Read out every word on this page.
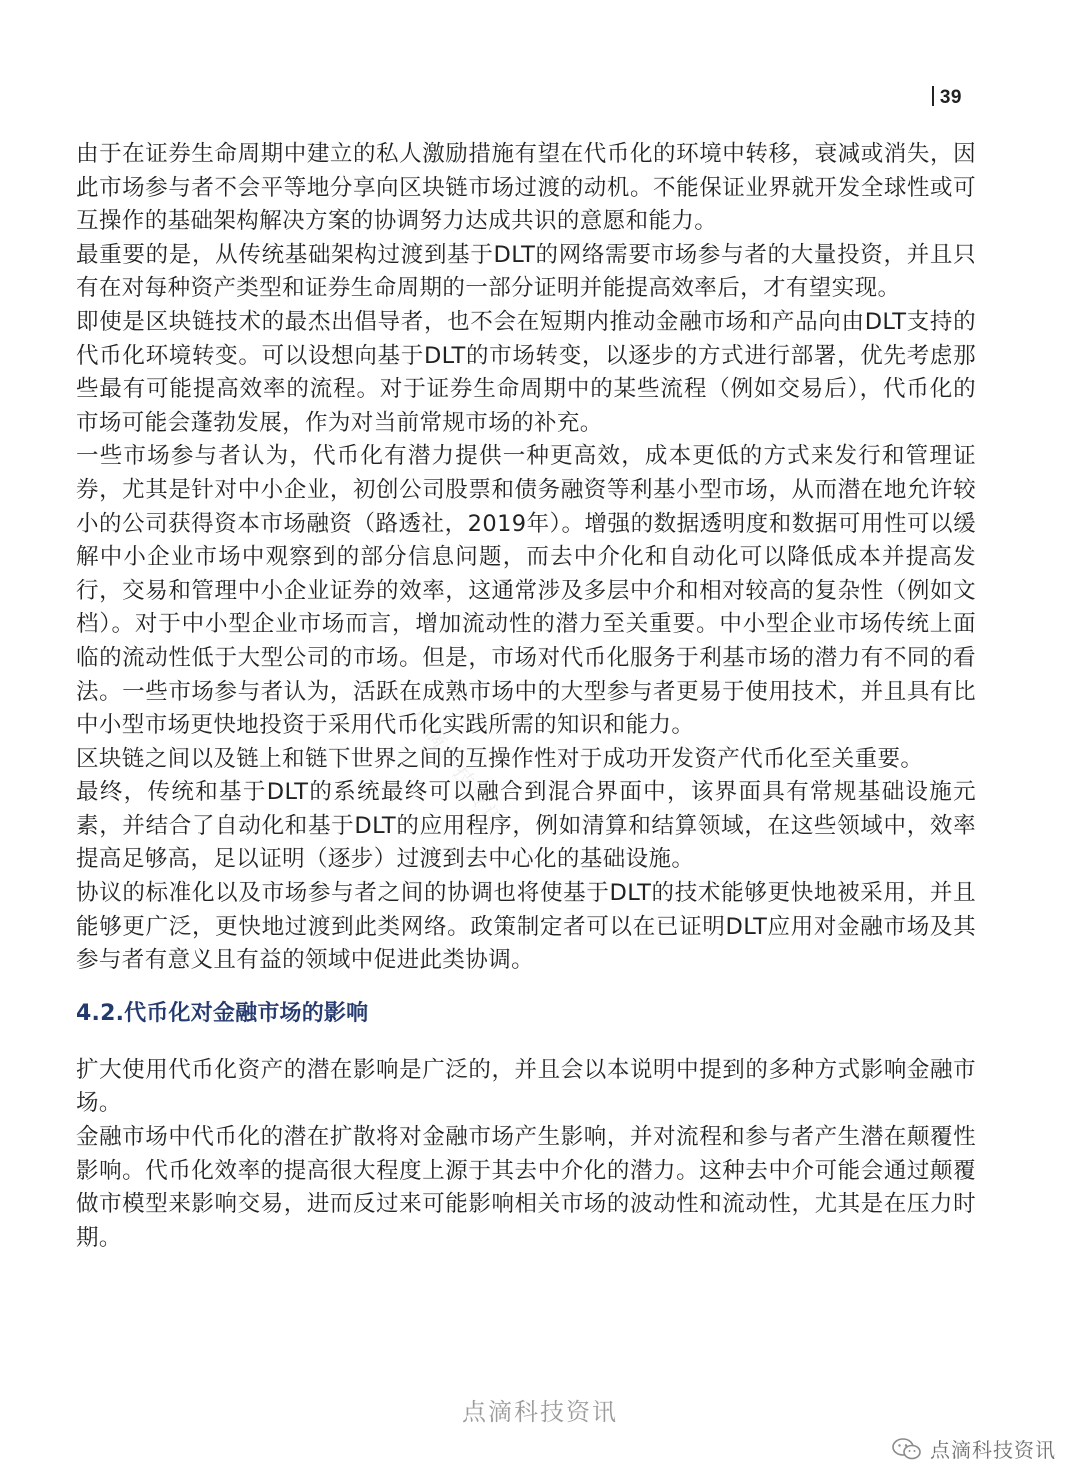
39
点滴科技资讯

由于在证券生命周期中建立的私人激励措施有望在代币化的环境中转移，衰减或消失，因此市场参与者不会平等地分享向区块链市场过渡的动机。不能保证业界就开发全球性或可互操作的基础架构解决方案的协调努力达成共识的意愿和能力。

最重要的是，从传统基础架构过渡到基于DLT的网络需要市场参与者的大量投资，并且只有在对每种资产类型和证券生命周期的一部分证明并能提高效率后，才有望实现。

即使是区块链技术的最杰出倡导者，也不会在短期内推动金融市场和产品向由DLT支持的代币化环境转变。可以设想向基于DLT的市场转变，以逐步的方式进行部署，优先考虑那些最有可能提高效率的流程。对于证券生命周期中的某些流程（例如交易后），代币化的市场可能会蓬勃发展，作为对当前常规市场的补充。

一些市场参与者认为，代币化有潜力提供一种更高效，成本更低的方式来发行和管理证券，尤其是针对中小企业，初创公司股票和债务融资等利基小型市场，从而潜在地允许较小的公司获得资本市场融资（路透社，2019年）。增强的数据透明度和数据可用性可以缓解中小企业市场中观察到的部分信息问题，而去中介化和自动化可以降低成本并提高发行，交易和管理中小企业证券的效率，这通常涉及多层中介和相对较高的复杂性（例如文档）。对于中小型企业市场而言，增加流动性的潜力至关重要。中小型企业市场传统上面临的流动性低于大型公司的市场。但是，市场对代币化服务于利基市场的潜力有不同的看法。一些市场参与者认为，活跃在成熟市场中的大型参与者更易于使用技术，并且具有比中小型市场更快地投资于采用代币化实践所需的知识和能力。

区块链之间以及链上和链下世界之间的互操作性对于成功开发资产代币化至关重要。

最终，传统和基于DLT的系统最终可以融合到混合界面中，该界面具有常规基础设施元素，并结合了自动化和基于DLT的应用程序，例如清算和结算领域，在这些领域中，效率提高足够高，足以证明（逐步）过渡到去中心化的基础设施。

协议的标准化以及市场参与者之间的协调也将使基于DLT的技术能够更快地被采用，并且能够更广泛，更快地过渡到此类网络。政策制定者可以在已证明DLT应用对金融市场及其参与者有意义且有益的领域中促进此类协调。

4.2.代币化对金融市场的影响

扩大使用代币化资产的潜在影响是广泛的，并且会以本说明中提到的多种方式影响金融市场。

金融市场中代币化的潜在扩散将对金融市场产生影响，并对流程和参与者产生潜在颠覆性影响。代币化效率的提高很大程度上源于其去中介化的潜力。这种去中介可能会通过颠覆做市模型来影响交易，进而反过来可能影响相关市场的波动性和流动性，尤其是在压力时期。

点滴科技资讯
点滴科技资讯
